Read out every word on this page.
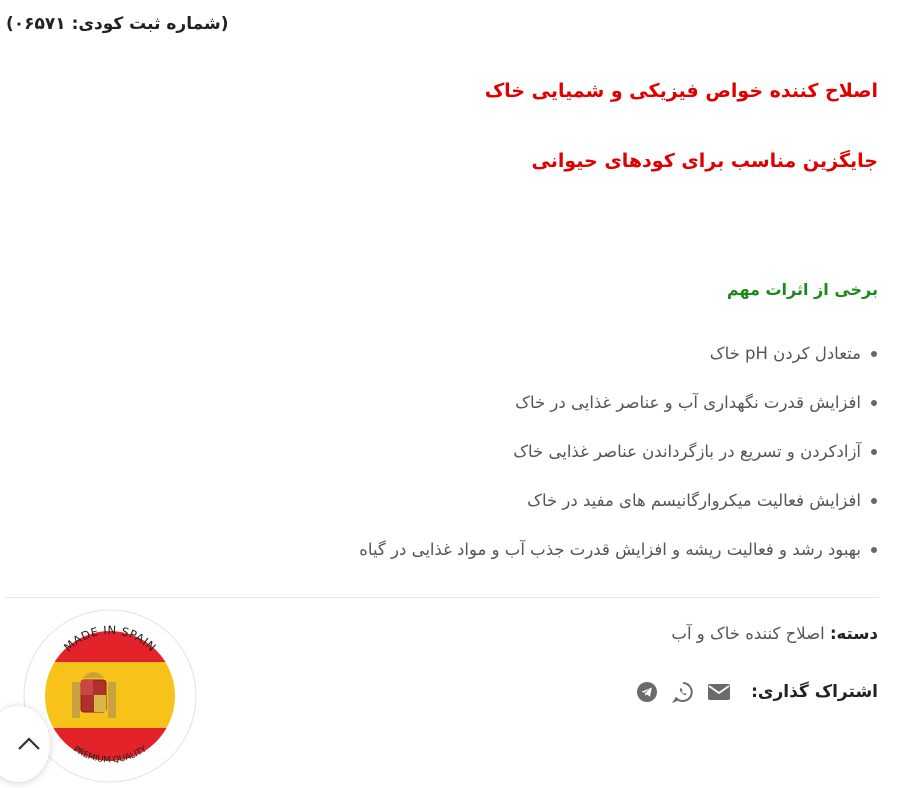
(شماره ثبت کودی: ۰۶۵۷۱)
اصلاح کننده خواص فیزیکی و شمیایی خاک
جایگزین مناسب برای کودهای حیوانی
برخی از اثرات مهم
متعادل کردن pH خاک
افزایش قدرت نگهداری آب و عناصر غذایی در خاک
آزادکردن و تسریع در بازگرداندن عناصر غذایی خاک
افزایش فعالیت میکروارگانیسم های مفید در خاک
بهبود رشد و فعالیت ریشه و افزایش قدرت جذب آب و مواد غذایی در گیاه
دسته: اصلاح کننده خاک و آب
اشتراک گذاری:
MADE IN SPAIN
PREMIUM QUALITY
